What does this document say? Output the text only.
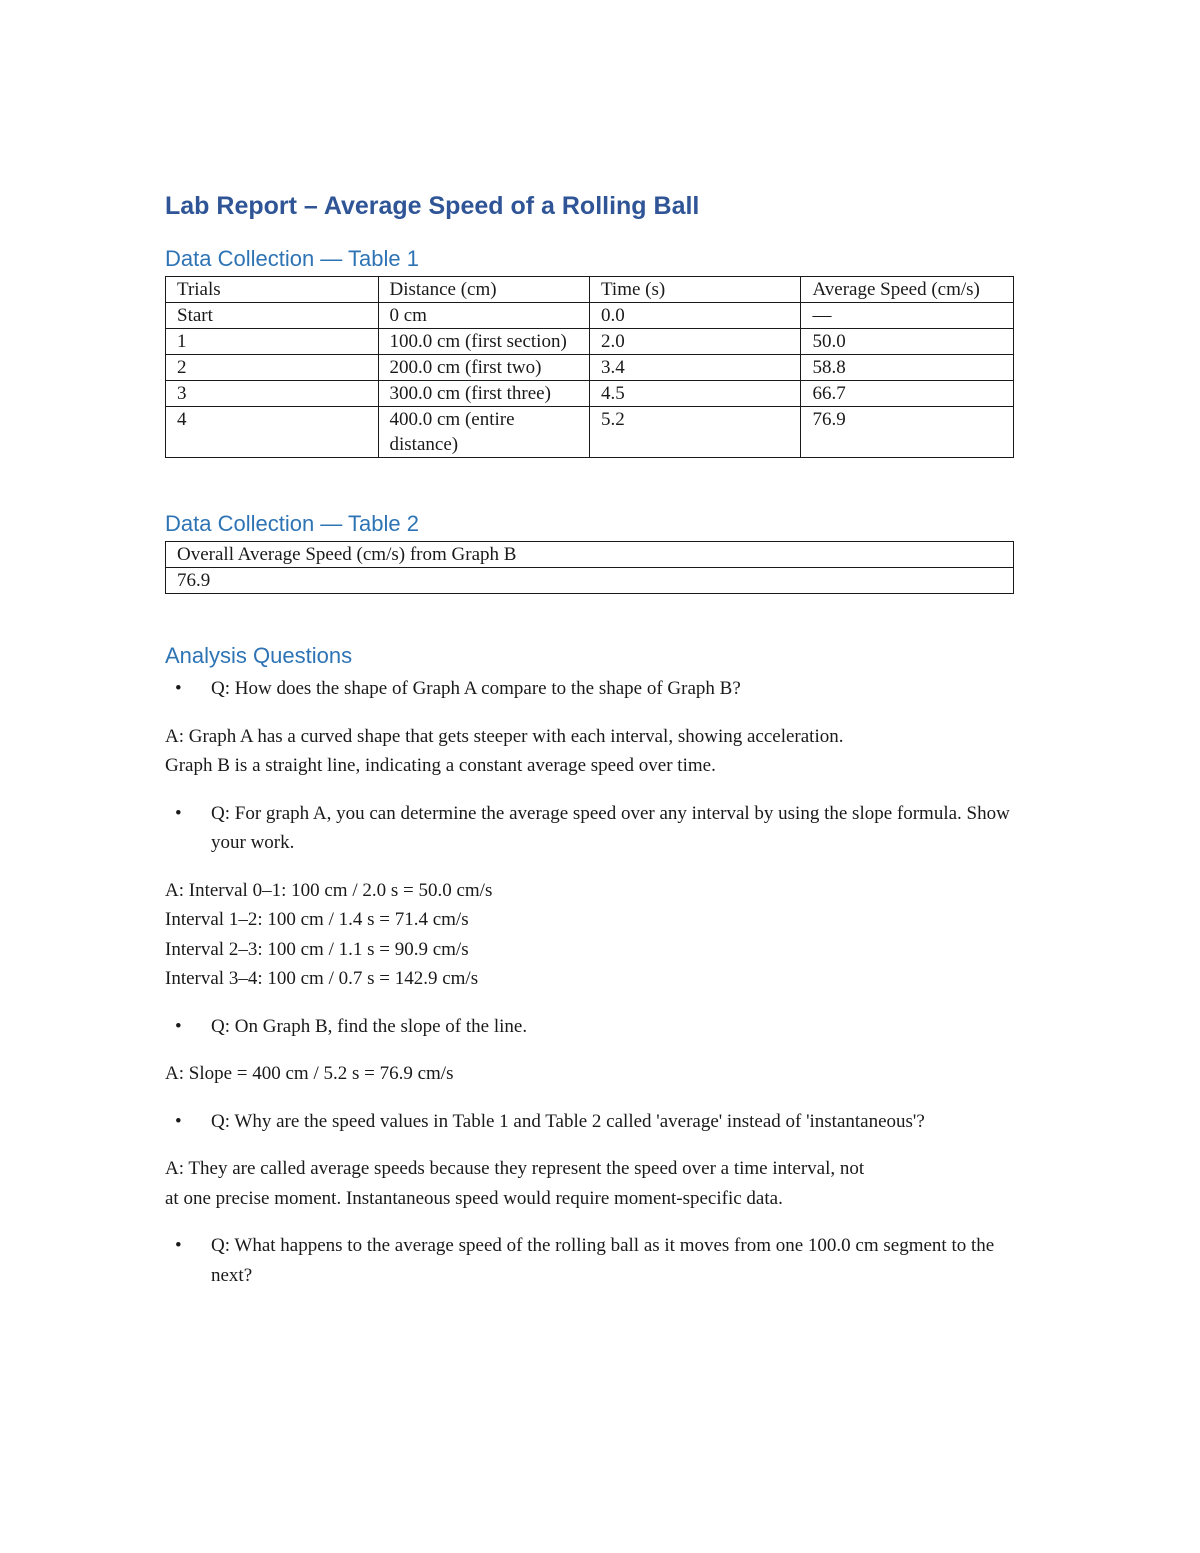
Lab Report – Average Speed of a Rolling Ball
Data Collection — Table 1
Trials	Distance (cm)	Time (s)	Average Speed (cm/s)
Start	0 cm	0.0	—
1	100.0 cm (first section)	2.0	50.0
2	200.0 cm (first two)	3.4	58.8
3	300.0 cm (first three)	4.5	66.7
4	400.0 cm (entire distance)	5.2	76.9
Data Collection — Table 2
Overall Average Speed (cm/s) from Graph B
76.9
Analysis Questions
• Q: How does the shape of Graph A compare to the shape of Graph B?
A: Graph A has a curved shape that gets steeper with each interval, showing acceleration.
Graph B is a straight line, indicating a constant average speed over time.
• Q: For graph A, you can determine the average speed over any interval by using the slope formula. Show your work.
A: Interval 0–1: 100 cm / 2.0 s = 50.0 cm/s
Interval 1–2: 100 cm / 1.4 s = 71.4 cm/s
Interval 2–3: 100 cm / 1.1 s = 90.9 cm/s
Interval 3–4: 100 cm / 0.7 s = 142.9 cm/s
• Q: On Graph B, find the slope of the line.
A: Slope = 400 cm / 5.2 s = 76.9 cm/s
• Q: Why are the speed values in Table 1 and Table 2 called 'average' instead of 'instantaneous'?
A: They are called average speeds because they represent the speed over a time interval, not
at one precise moment. Instantaneous speed would require moment-specific data.
• Q: What happens to the average speed of the rolling ball as it moves from one 100.0 cm segment to the next?
